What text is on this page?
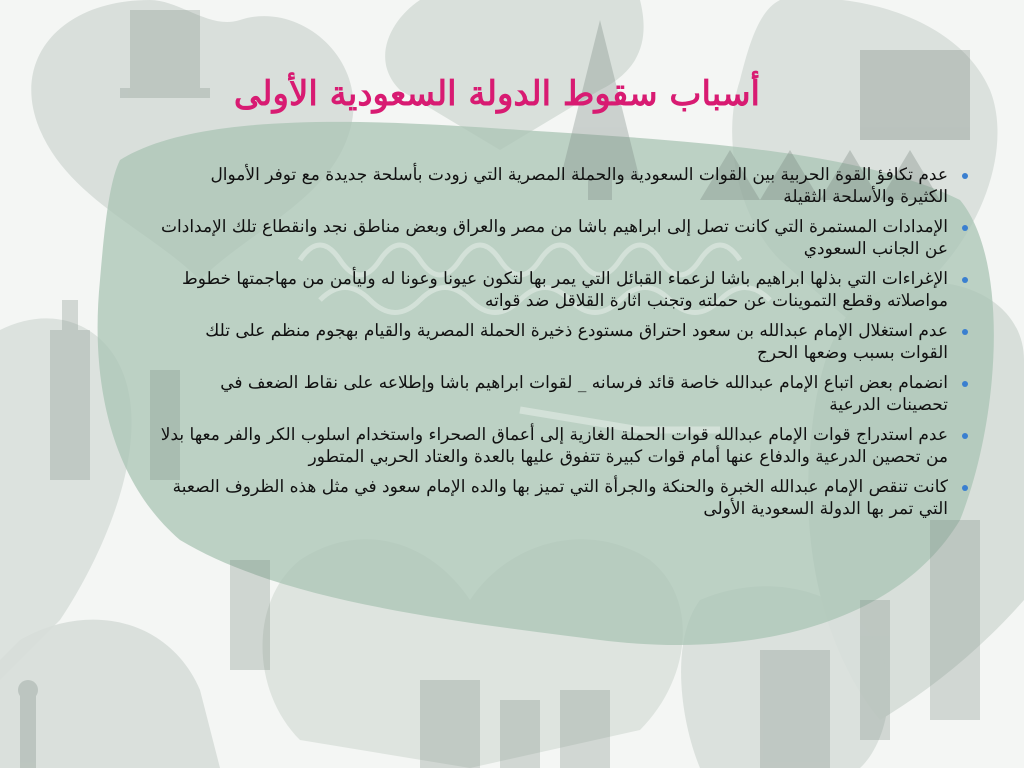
أسباب سقوط الدولة السعودية الأولى
عدم تكافؤ القوة الحربية بين القوات السعودية والحملة المصرية التي زودت بأسلحة جديدة مع توفر الأموال الكثيرة والأسلحة الثقيلة
الإمدادات المستمرة التي كانت تصل إلى ابراهيم باشا من مصر والعراق وبعض مناطق نجد وانقطاع تلك الإمدادات عن الجانب السعودي
الإغراءات التي بذلها ابراهيم باشا لزعماء القبائل التي يمر بها لتكون عيونا وعونا له وليأمن من مهاجمتها خطوط مواصلاته وقطع التموينات عن حملته وتجنب اثارة القلاقل ضد قواته
عدم استغلال الإمام عبدالله بن سعود احتراق مستودع ذخيرة الحملة المصرية والقيام بهجوم منظم على تلك القوات بسبب وضعها الحرج
انضمام بعض اتباع الإمام عبدالله خاصة قائد فرسانه _ لقوات ابراهيم باشا وإطلاعه على نقاط الضعف في تحصينات الدرعية
عدم استدراج قوات الإمام عبدالله قوات الحملة الغازية إلى أعماق الصحراء واستخدام اسلوب الكر والفر معها بدلا من تحصين الدرعية والدفاع عنها أمام قوات كبيرة تتفوق عليها بالعدة والعتاد الحربي المتطور
كانت تنقص الإمام عبدالله الخبرة والحنكة والجرأة التي تميز بها والده الإمام سعود في مثل هذه الظروف الصعبة التي تمر بها الدولة السعودية الأولى
